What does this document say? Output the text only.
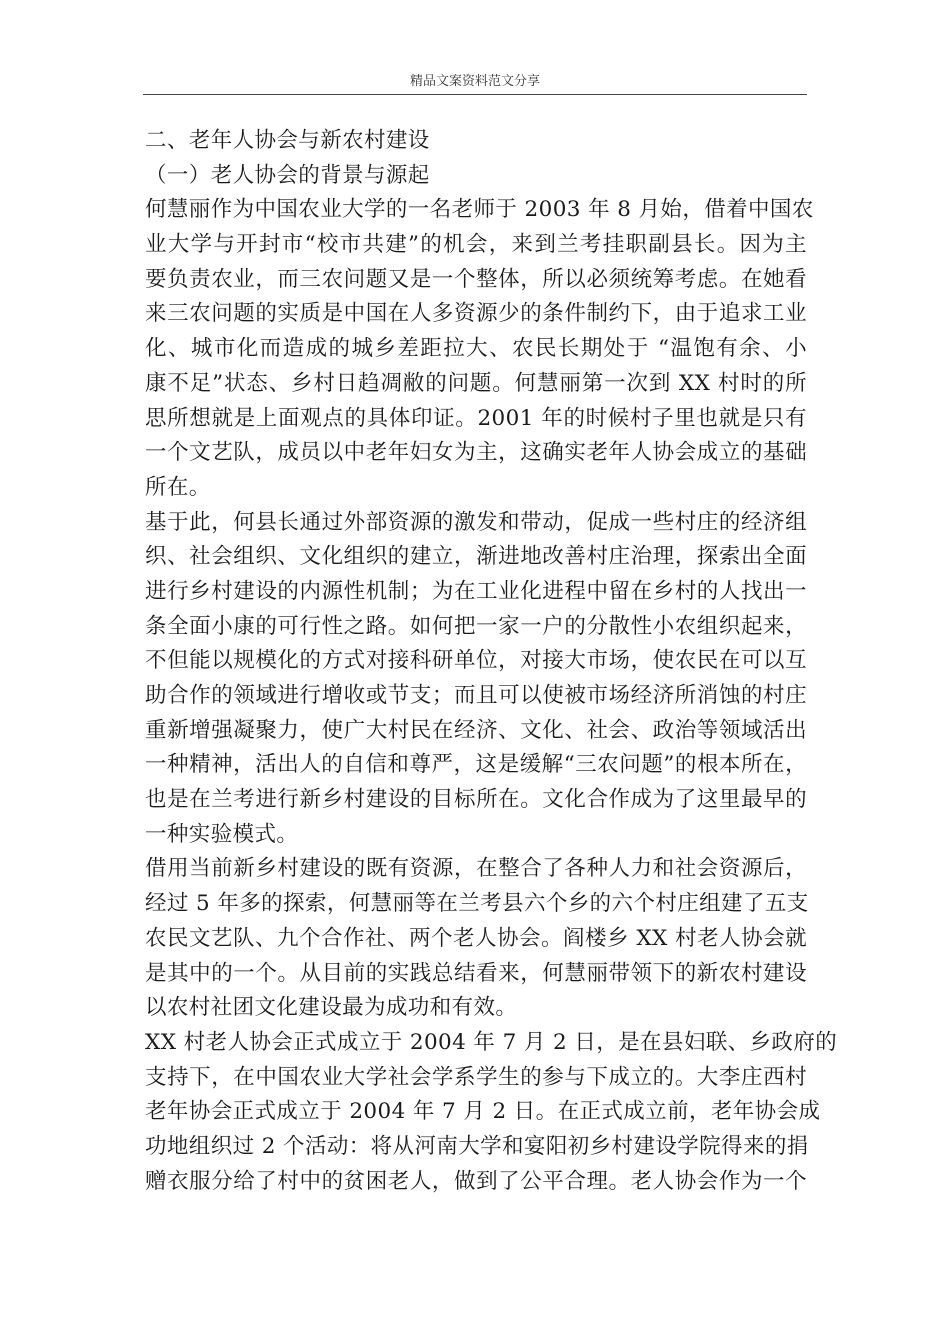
精品文案资料范文分享
二、老年人协会与新农村建设
（一）老人协会的背景与源起
何慧丽作为中国农业大学的一名老师于 2003 年 8 月始，借着中国农
业大学与开封市“校市共建”的机会，来到兰考挂职副县长。因为主
要负责农业，而三农问题又是一个整体，所以必须统筹考虑。在她看
来三农问题的实质是中国在人多资源少的条件制约下，由于追求工业
化、城市化而造成的城乡差距拉大、农民长期处于 “温饱有余、小
康不足”状态、乡村日趋凋敝的问题。何慧丽第一次到 XX 村时的所
思所想就是上面观点的具体印证。2001 年的时候村子里也就是只有
一个文艺队，成员以中老年妇女为主，这确实老年人协会成立的基础
所在。
基于此，何县长通过外部资源的激发和带动，促成一些村庄的经济组
织、社会组织、文化组织的建立，渐进地改善村庄治理，探索出全面
进行乡村建设的内源性机制；为在工业化进程中留在乡村的人找出一
条全面小康的可行性之路。如何把一家一户的分散性小农组织起来，
不但能以规模化的方式对接科研单位，对接大市场，使农民在可以互
助合作的领域进行增收或节支；而且可以使被市场经济所消蚀的村庄
重新增强凝聚力，使广大村民在经济、文化、社会、政治等领域活出
一种精神，活出人的自信和尊严，这是缓解“三农问题”的根本所在，
也是在兰考进行新乡村建设的目标所在。文化合作成为了这里最早的
一种实验模式。
借用当前新乡村建设的既有资源，在整合了各种人力和社会资源后，
经过 5 年多的探索，何慧丽等在兰考县六个乡的六个村庄组建了五支
农民文艺队、九个合作社、两个老人协会。阎楼乡 XX 村老人协会就
是其中的一个。从目前的实践总结看来，何慧丽带领下的新农村建设
以农村社团文化建设最为成功和有效。
XX 村老人协会正式成立于 2004 年 7 月 2 日，是在县妇联、乡政府的
支持下，在中国农业大学社会学系学生的参与下成立的。大李庄西村
老年协会正式成立于 2004 年 7 月 2 日。在正式成立前，老年协会成
功地组织过 2 个活动：将从河南大学和宴阳初乡村建设学院得来的捐
赠衣服分给了村中的贫困老人，做到了公平合理。老人协会作为一个
